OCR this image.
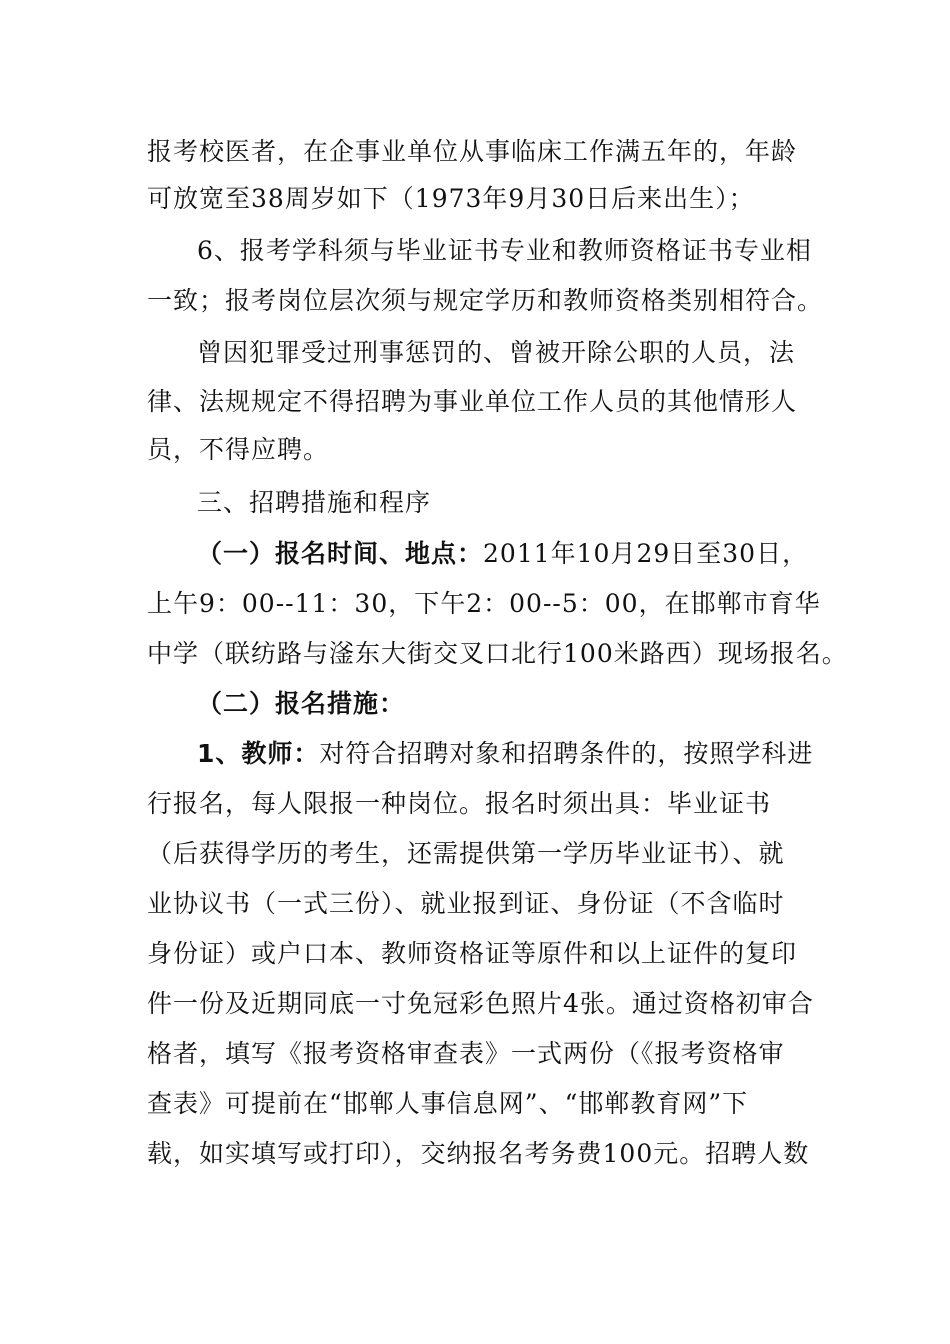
报考校医者，在企事业单位从事临床工作满五年的，年龄
可放宽至38周岁如下（1973年9月30日后来出生）；
6、报考学科须与毕业证书专业和教师资格证书专业相
一致；报考岗位层次须与规定学历和教师资格类别相符合。
曾因犯罪受过刑事惩罚的、曾被开除公职的人员，法
律、法规规定不得招聘为事业单位工作人员的其他情形人
员，不得应聘。
三、招聘措施和程序
（一）报名时间、地点：2011年10月29日至30日，
上午9：00--11：30，下午2：00--5：00，在邯郸市育华
中学（联纺路与滏东大街交叉口北行100米路西）现场报名。
（二）报名措施：
1、教师：对符合招聘对象和招聘条件的，按照学科进
行报名，每人限报一种岗位。报名时须出具：毕业证书
（后获得学历的考生，还需提供第一学历毕业证书）、就
业协议书（一式三份）、就业报到证、身份证（不含临时
身份证）或户口本、教师资格证等原件和以上证件的复印
件一份及近期同底一寸免冠彩色照片4张。通过资格初审合
格者，填写《报考资格审查表》一式两份（《报考资格审
查表》可提前在“邯郸人事信息网”、“邯郸教育网”下
载，如实填写或打印），交纳报名考务费100元。招聘人数
